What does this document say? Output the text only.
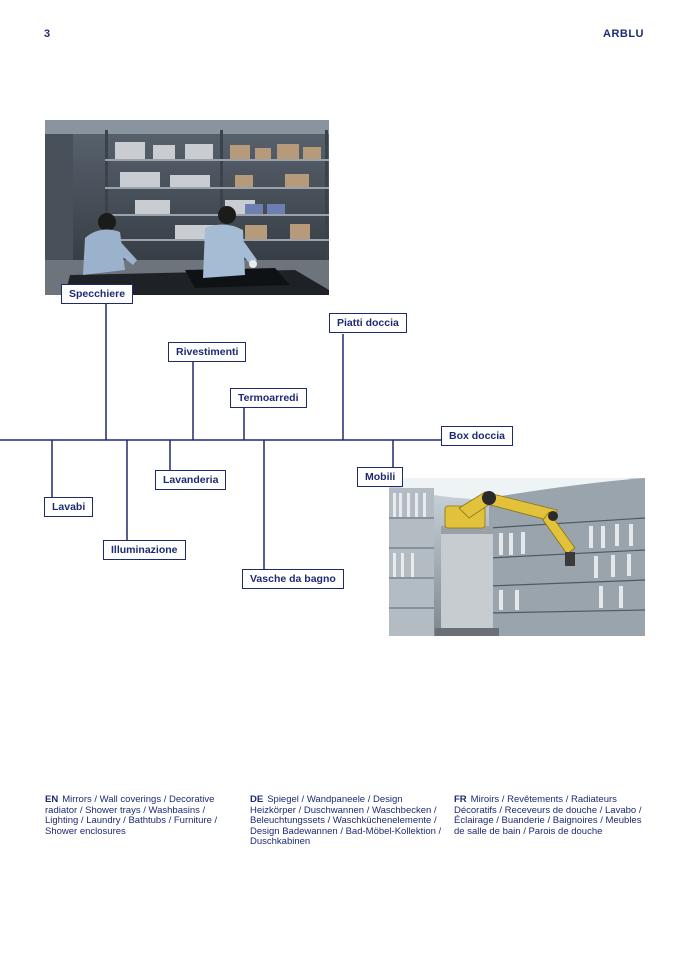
3	ARBLU
Specchiere
Rivestimenti
Termoarredi
Piatti doccia
Box doccia
Lavabi
Illuminazione
Lavanderia
Vasche da bagno
Mobili
EN Mirrors / Wall coverings / Decorative radiator / Shower trays / Washbasins / Lighting / Laundry / Bathtubs / Furniture / Shower enclosures
DE Spiegel / Wandpaneele / Design Heizkörper / Duschwannen / Waschbecken / Beleuchtungssets / Waschküchenelemente / Design Badewannen / Bad-Möbel-Kollektion / Duschkabinen
FR Miroirs / Revêtements / Radiateurs Décoratifs / Receveurs de douche / Lavabo / Éclairage / Buanderie / Baignoires / Meubles de salle de bain / Parois de douche
